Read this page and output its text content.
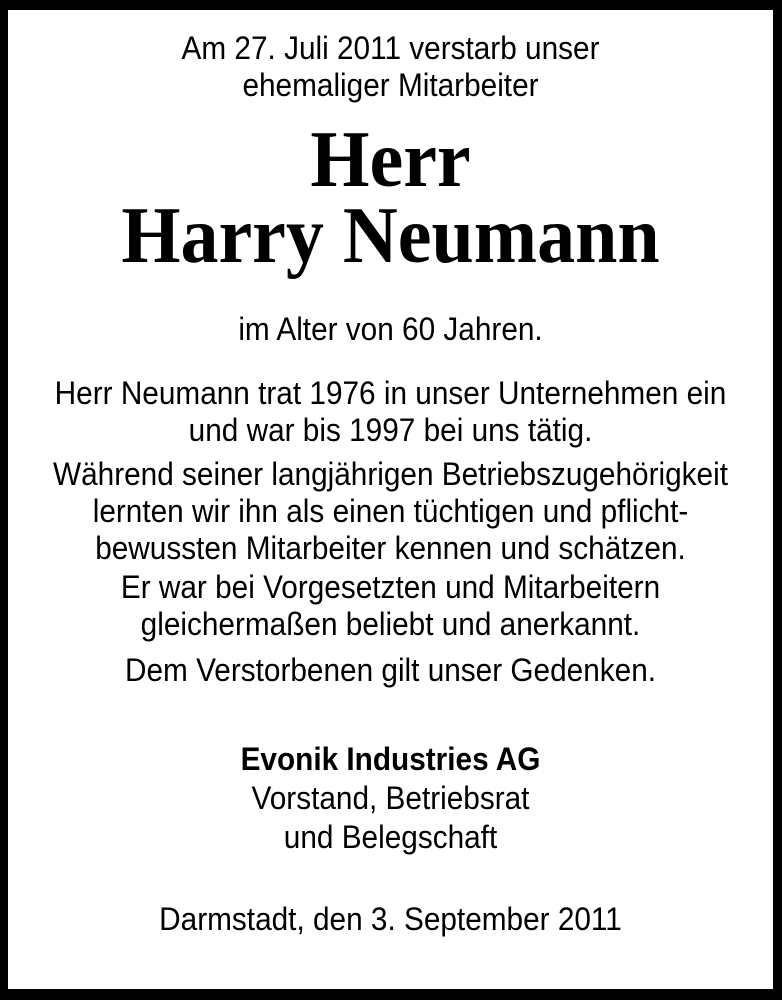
Am 27. Juli 2011 verstarb unser
ehemaliger Mitarbeiter
Herr
Harry Neumann
im Alter von 60 Jahren.
Herr Neumann trat 1976 in unser Unternehmen ein
und war bis 1997 bei uns tätig.
Während seiner langjährigen Betriebszugehörigkeit
lernten wir ihn als einen tüchtigen und pflicht-
bewussten Mitarbeiter kennen und schätzen.
Er war bei Vorgesetzten und Mitarbeitern
gleichermaßen beliebt und anerkannt.
Dem Verstorbenen gilt unser Gedenken.
Evonik Industries AG
Vorstand, Betriebsrat
und Belegschaft
Darmstadt, den 3. September 2011
